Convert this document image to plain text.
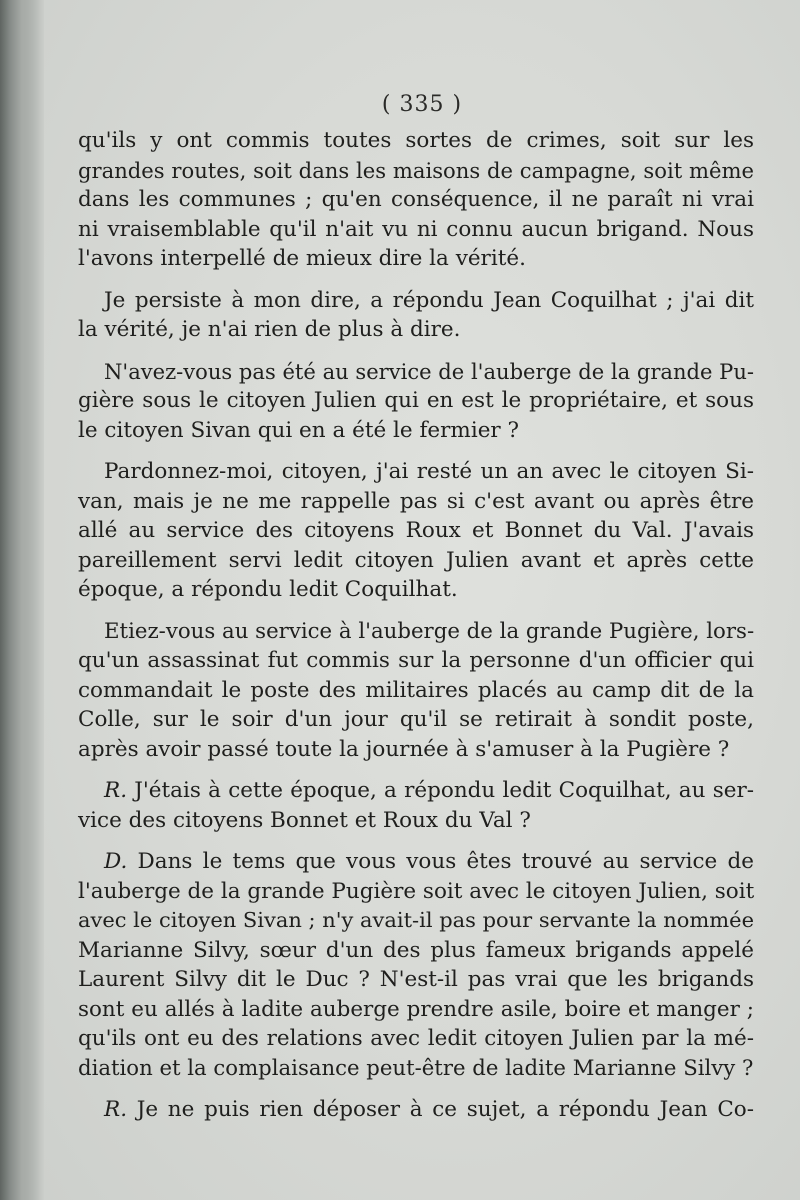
( 335 )

qu'ils y ont commis toutes sortes de crimes, soit sur les
grandes routes, soit dans les maisons de campagne, soit même
dans les communes ; qu'en conséquence, il ne paraît ni vrai
ni vraisemblable qu'il n'ait vu ni connu aucun brigand. Nous
l'avons interpellé de mieux dire la vérité.

Je persiste à mon dire, a répondu Jean Coquilhat ; j'ai dit
la vérité, je n'ai rien de plus à dire.

N'avez-vous pas été au service de l'auberge de la grande Pu-
gière sous le citoyen Julien qui en est le propriétaire, et sous
le citoyen Sivan qui en a été le fermier ?

Pardonnez-moi, citoyen, j'ai resté un an avec le citoyen Si-
van, mais je ne me rappelle pas si c'est avant ou après être
allé au service des citoyens Roux et Bonnet du Val. J'avais
pareillement servi ledit citoyen Julien avant et après cette
époque, a répondu ledit Coquilhat.

Etiez-vous au service à l'auberge de la grande Pugière, lors-
qu'un assassinat fut commis sur la personne d'un officier qui
commandait le poste des militaires placés au camp dit de la
Colle, sur le soir d'un jour qu'il se retirait à sondit poste,
après avoir passé toute la journée à s'amuser à la Pugière ?

R. J'étais à cette époque, a répondu ledit Coquilhat, au ser-
vice des citoyens Bonnet et Roux du Val ?

D. Dans le tems que vous vous êtes trouvé au service de
l'auberge de la grande Pugière soit avec le citoyen Julien, soit
avec le citoyen Sivan ; n'y avait-il pas pour servante la nommée
Marianne Silvy, sœur d'un des plus fameux brigands appelé
Laurent Silvy dit le Duc ? N'est-il pas vrai que les brigands
sont eu allés à ladite auberge prendre asile, boire et manger ;
qu'ils ont eu des relations avec ledit citoyen Julien par la mé-
diation et la complaisance peut-être de ladite Marianne Silvy ?

R. Je ne puis rien déposer à ce sujet, a répondu Jean Co-
